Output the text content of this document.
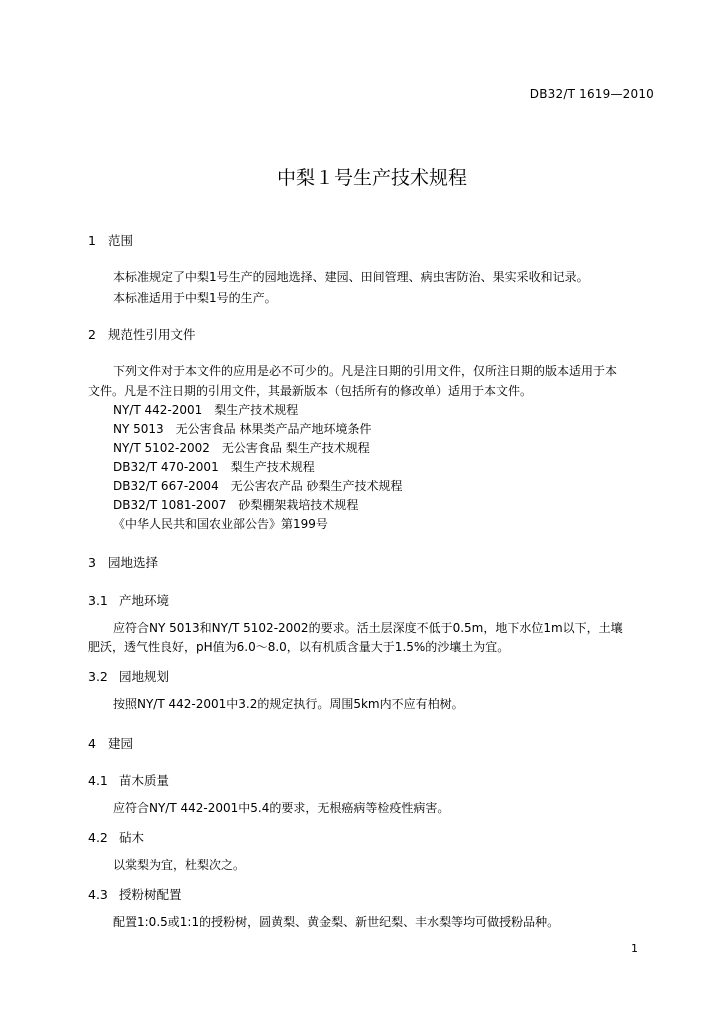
DB32/T 1619—2010
中梨１号生产技术规程
1 范围
本标准规定了中梨1号生产的园地选择、建园、田间管理、病虫害防治、果实采收和记录。
本标准适用于中梨1号的生产。
2 规范性引用文件
下列文件对于本文件的应用是必不可少的。凡是注日期的引用文件，仅所注日期的版本适用于本
文件。凡是不注日期的引用文件，其最新版本（包括所有的修改单）适用于本文件。
NY/T 442-2001　梨生产技术规程
NY 5013　无公害食品 林果类产品产地环境条件
NY/T 5102-2002　无公害食品 梨生产技术规程
DB32/T 470-2001　梨生产技术规程
DB32/T 667-2004　无公害农产品 砂梨生产技术规程
DB32/T 1081-2007　砂梨棚架栽培技术规程
《中华人民共和国农业部公告》第199号
3 园地选择
3.1 产地环境
应符合NY 5013和NY/T 5102-2002的要求。活土层深度不低于0.5m，地下水位1m以下，土壤
肥沃，透气性良好，pH值为6.0～8.0，以有机质含量大于1.5%的沙壤土为宜。
3.2 园地规划
按照NY/T 442-2001中3.2的规定执行。周围5km内不应有柏树。
4 建园
4.1 苗木质量
应符合NY/T 442-2001中5.4的要求，无根癌病等检疫性病害。
4.2 砧木
以棠梨为宜，杜梨次之。
4.3 授粉树配置
配置1:0.5或1:1的授粉树，圆黄梨、黄金梨、新世纪梨、丰水梨等均可做授粉品种。
1
